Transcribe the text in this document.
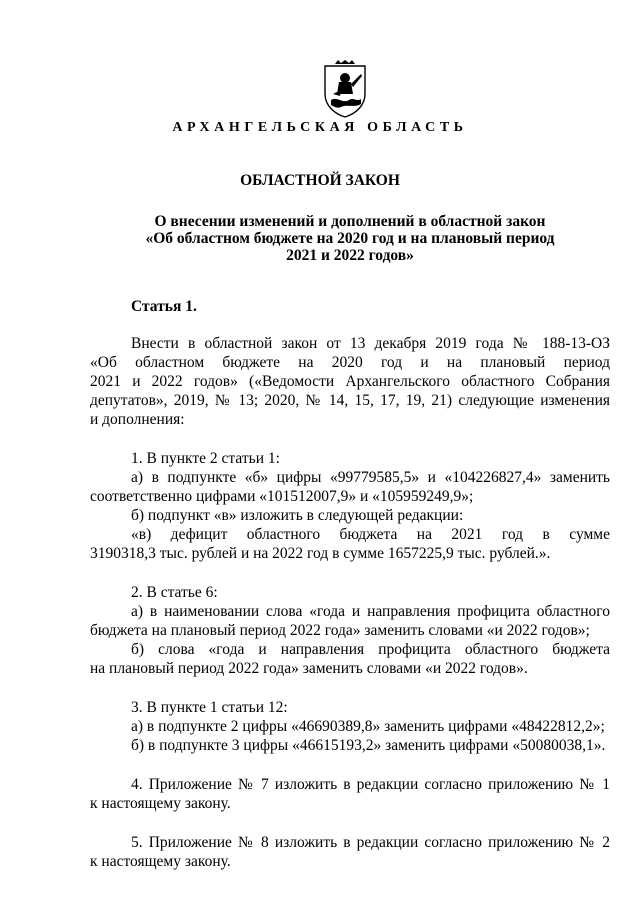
АРХАНГЕЛЬСКАЯ ОБЛАСТЬ
ОБЛАСТНОЙ ЗАКОН
О внесении изменений и дополнений в областной закон
«Об областном бюджете на 2020 год и на плановый период
2021 и 2022 годов»
Статья 1.
Внести в областной закон от 13 декабря 2019 года № 188-13-ОЗ
«Об областном бюджете на 2020 год и на плановый период
2021 и 2022 годов» («Ведомости Архангельского областного Собрания
депутатов», 2019, № 13; 2020, № 14, 15, 17, 19, 21) следующие изменения
и дополнения:
1. В пункте 2 статьи 1:
а) в подпункте «б» цифры «99779585,5» и «104226827,4» заменить
соответственно цифрами «101512007,9» и «105959249,9»;
б) подпункт «в» изложить в следующей редакции:
«в) дефицит областного бюджета на 2021 год в сумме
3190318,3 тыс. рублей и на 2022 год в сумме 1657225,9 тыс. рублей.».
2. В статье 6:
а) в наименовании слова «года и направления профицита областного
бюджета на плановый период 2022 года» заменить словами «и 2022 годов»;
б) слова «года и направления профицита областного бюджета
на плановый период 2022 года» заменить словами «и 2022 годов».
3. В пункте 1 статьи 12:
а) в подпункте 2 цифры «46690389,8» заменить цифрами «48422812,2»;
б) в подпункте 3 цифры «46615193,2» заменить цифрами «50080038,1».
4. Приложение № 7 изложить в редакции согласно приложению № 1
к настоящему закону.
5. Приложение № 8 изложить в редакции согласно приложению № 2
к настоящему закону.
